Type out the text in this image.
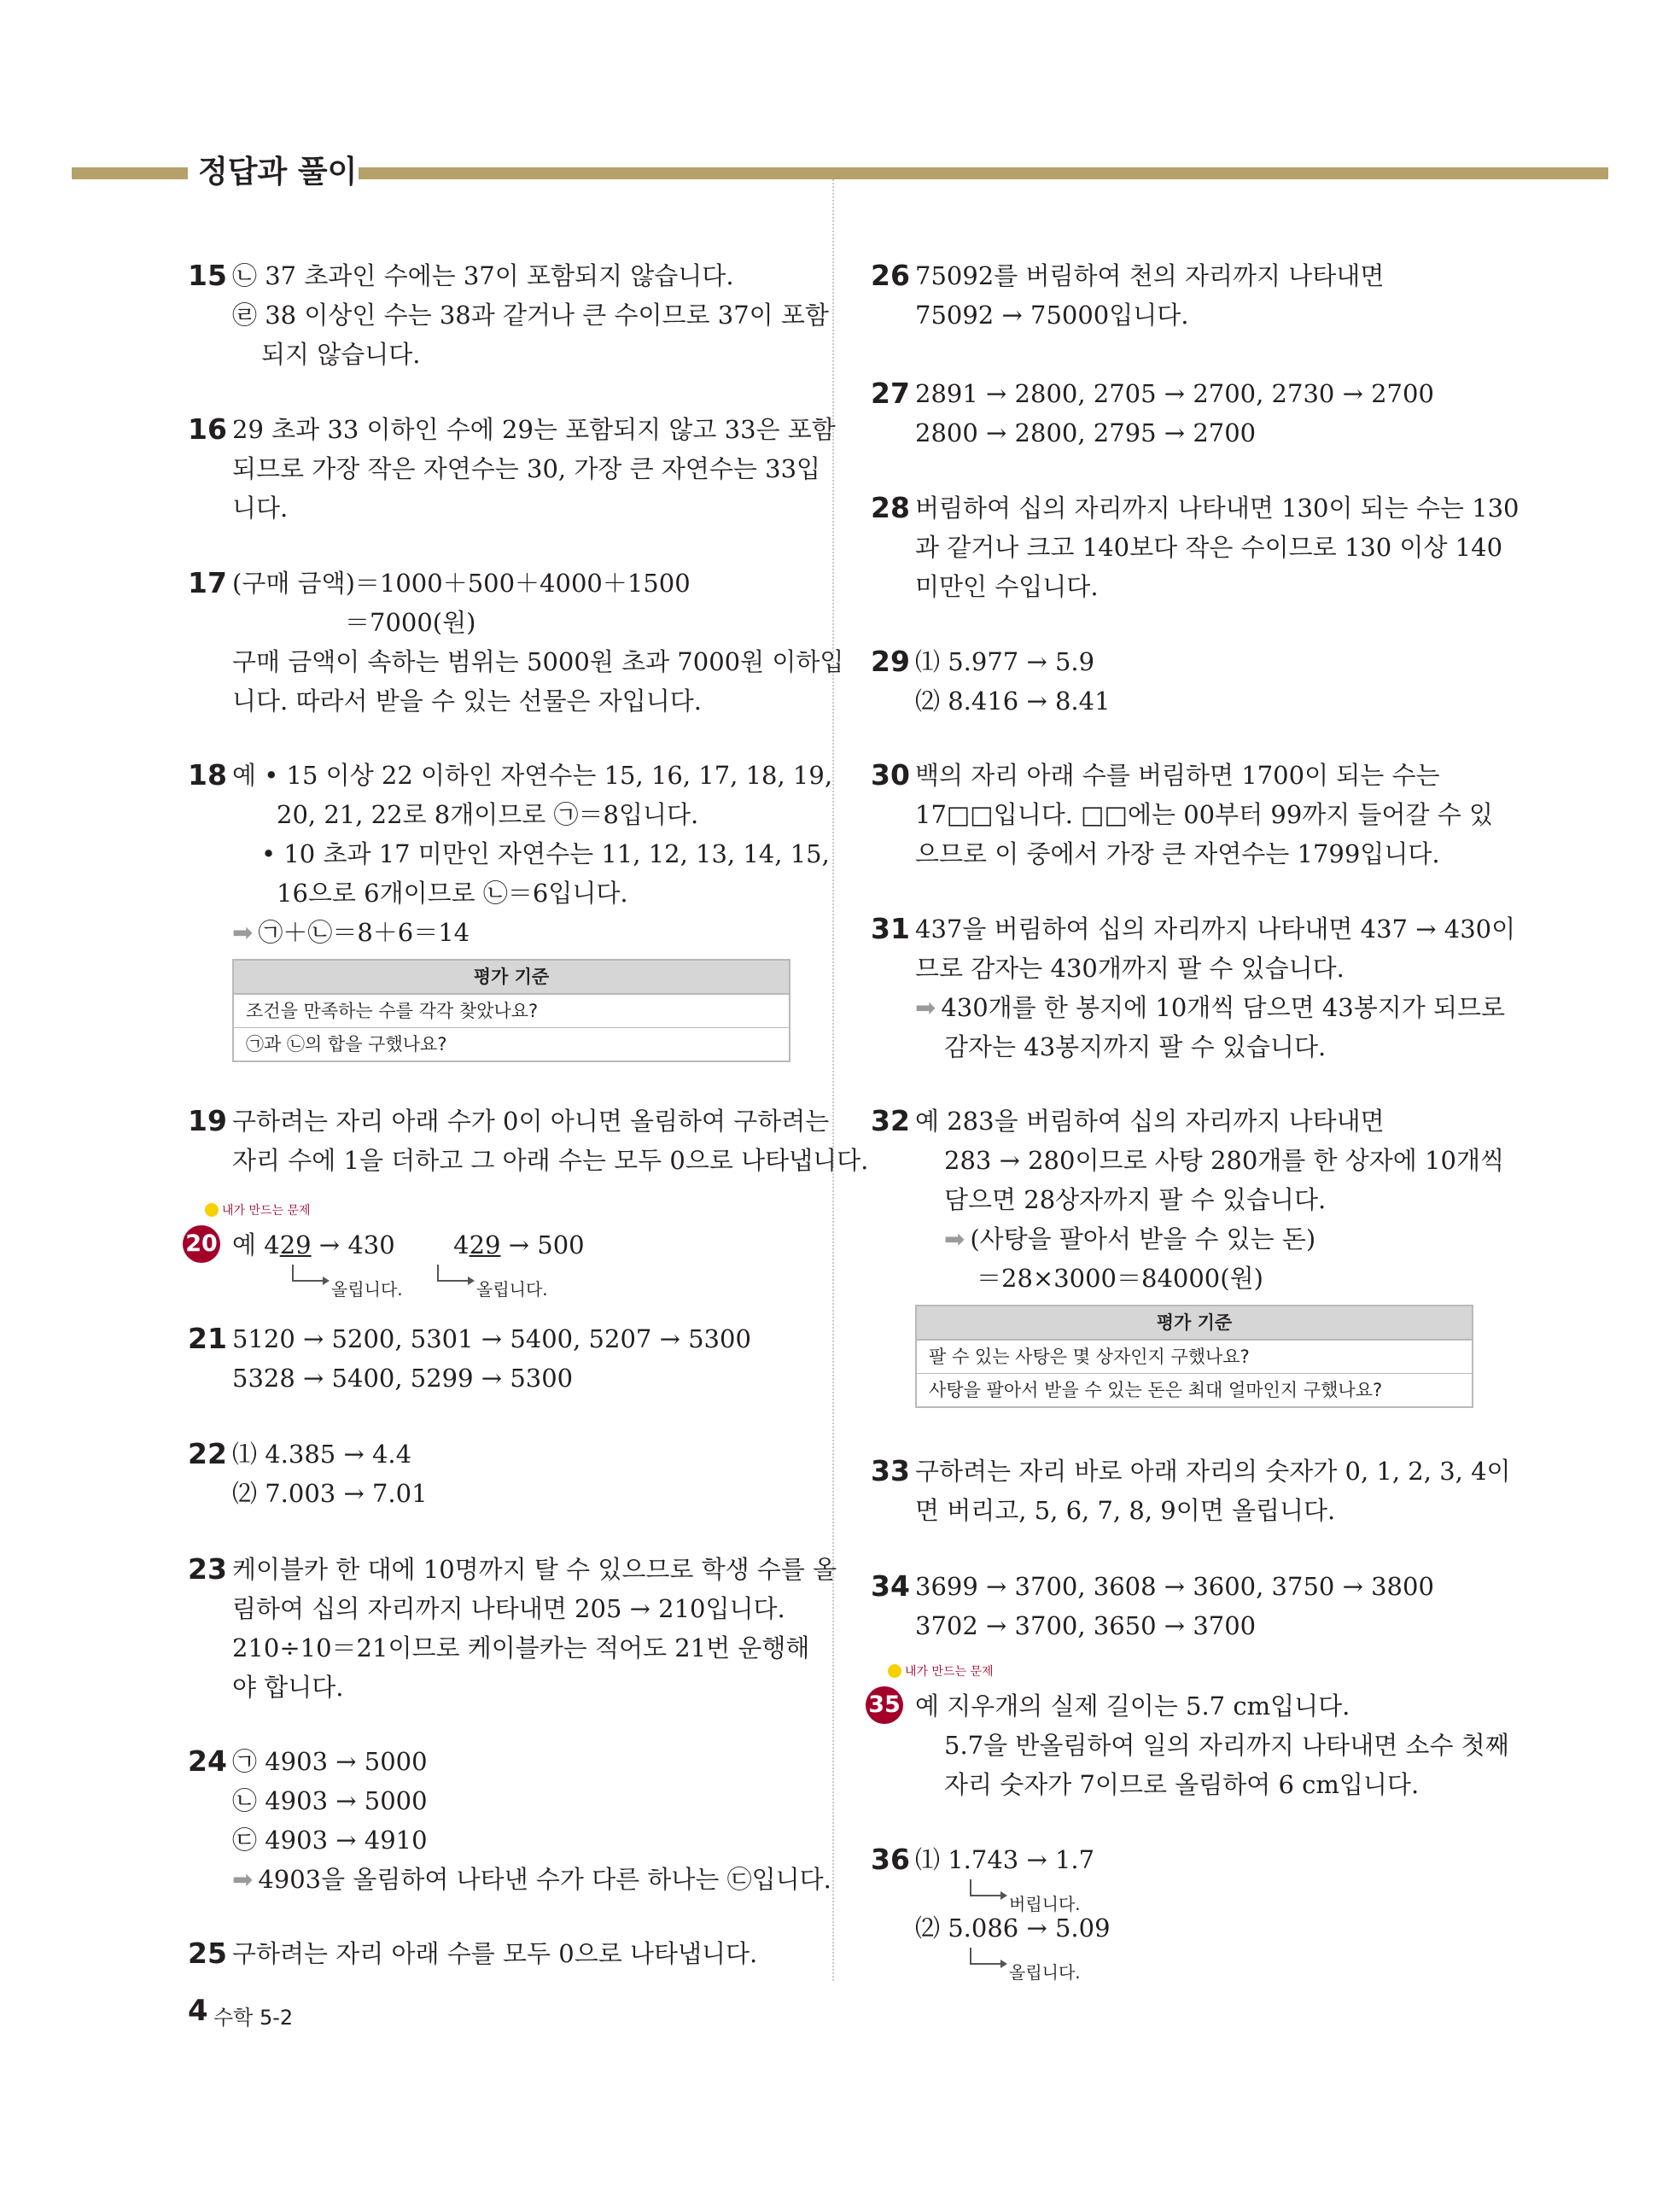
정답과 풀이
15 ㉡ 37 초과인 수에는 37이 포함되지 않습니다.
㉣ 38 이상인 수는 38과 같거나 큰 수이므로 37이 포함
되지 않습니다.
16 29 초과 33 이하인 수에 29는 포함되지 않고 33은 포함
되므로 가장 작은 자연수는 30, 가장 큰 자연수는 33입
니다.
17 (구매 금액)＝1000＋500＋4000＋1500
＝7000(원)
구매 금액이 속하는 범위는 5000원 초과 7000원 이하입
니다. 따라서 받을 수 있는 선물은 자입니다.
18 예 • 15 이상 22 이하인 자연수는 15, 16, 17, 18, 19,
20, 21, 22로 8개이므로 ㉠＝8입니다.
• 10 초과 17 미만인 자연수는 11, 12, 13, 14, 15,
16으로 6개이므로 ㉡＝6입니다.
➡ ㉠＋㉡＝8＋6＝14
평가 기준
조건을 만족하는 수를 각각 찾았나요?
㉠과 ㉡의 합을 구했나요?
19 구하려는 자리 아래 수가 0이 아니면 올림하여 구하려는
자리 수에 1을 더하고 그 아래 수는 모두 0으로 나타냅니다.
내가 만드는 문제
20 예 429 → 430 429 → 500
올립니다.	올립니다.
21 5120 → 5200, 5301 → 5400, 5207 → 5300
5328 → 5400, 5299 → 5300
22 ⑴ 4.385 → 4.4
⑵ 7.003 → 7.01
23 케이블카 한 대에 10명까지 탈 수 있으므로 학생 수를 올
림하여 십의 자리까지 나타내면 205 → 210입니다.
210÷10＝21이므로 케이블카는 적어도 21번 운행해
야 합니다.
24 ㉠ 4903 → 5000
㉡ 4903 → 5000
㉢ 4903 → 4910
➡ 4903을 올림하여 나타낸 수가 다른 하나는 ㉢입니다.
25 구하려는 자리 아래 수를 모두 0으로 나타냅니다.
26 75092를 버림하여 천의 자리까지 나타내면
75092 → 75000입니다.
27 2891 → 2800, 2705 → 2700, 2730 → 2700
2800 → 2800, 2795 → 2700
28 버림하여 십의 자리까지 나타내면 130이 되는 수는 130
과 같거나 크고 140보다 작은 수이므로 130 이상 140
미만인 수입니다.
29 ⑴ 5.977 → 5.9
⑵ 8.416 → 8.41
30 백의 자리 아래 수를 버림하면 1700이 되는 수는
17□□입니다. □□에는 00부터 99까지 들어갈 수 있
으므로 이 중에서 가장 큰 자연수는 1799입니다.
31 437을 버림하여 십의 자리까지 나타내면 437 → 430이
므로 감자는 430개까지 팔 수 있습니다.
➡ 430개를 한 봉지에 10개씩 담으면 43봉지가 되므로
감자는 43봉지까지 팔 수 있습니다.
32 예 283을 버림하여 십의 자리까지 나타내면
283 → 280이므로 사탕 280개를 한 상자에 10개씩
담으면 28상자까지 팔 수 있습니다.
➡ (사탕을 팔아서 받을 수 있는 돈)
＝28×3000＝84000(원)
평가 기준
팔 수 있는 사탕은 몇 상자인지 구했나요?
사탕을 팔아서 받을 수 있는 돈은 최대 얼마인지 구했나요?
33 구하려는 자리 바로 아래 자리의 숫자가 0, 1, 2, 3, 4이
면 버리고, 5, 6, 7, 8, 9이면 올립니다.
34 3699 → 3700, 3608 → 3600, 3750 → 3800
3702 → 3700, 3650 → 3700
내가 만드는 문제
35 예 지우개의 실제 길이는 5.7 cm입니다.
5.7을 반올림하여 일의 자리까지 나타내면 소수 첫째
자리 숫자가 7이므로 올림하여 6 cm입니다.
36 ⑴ 1.743 → 1.7
버립니다.
⑵ 5.086 → 5.09
올립니다.
4 수학 5-2
